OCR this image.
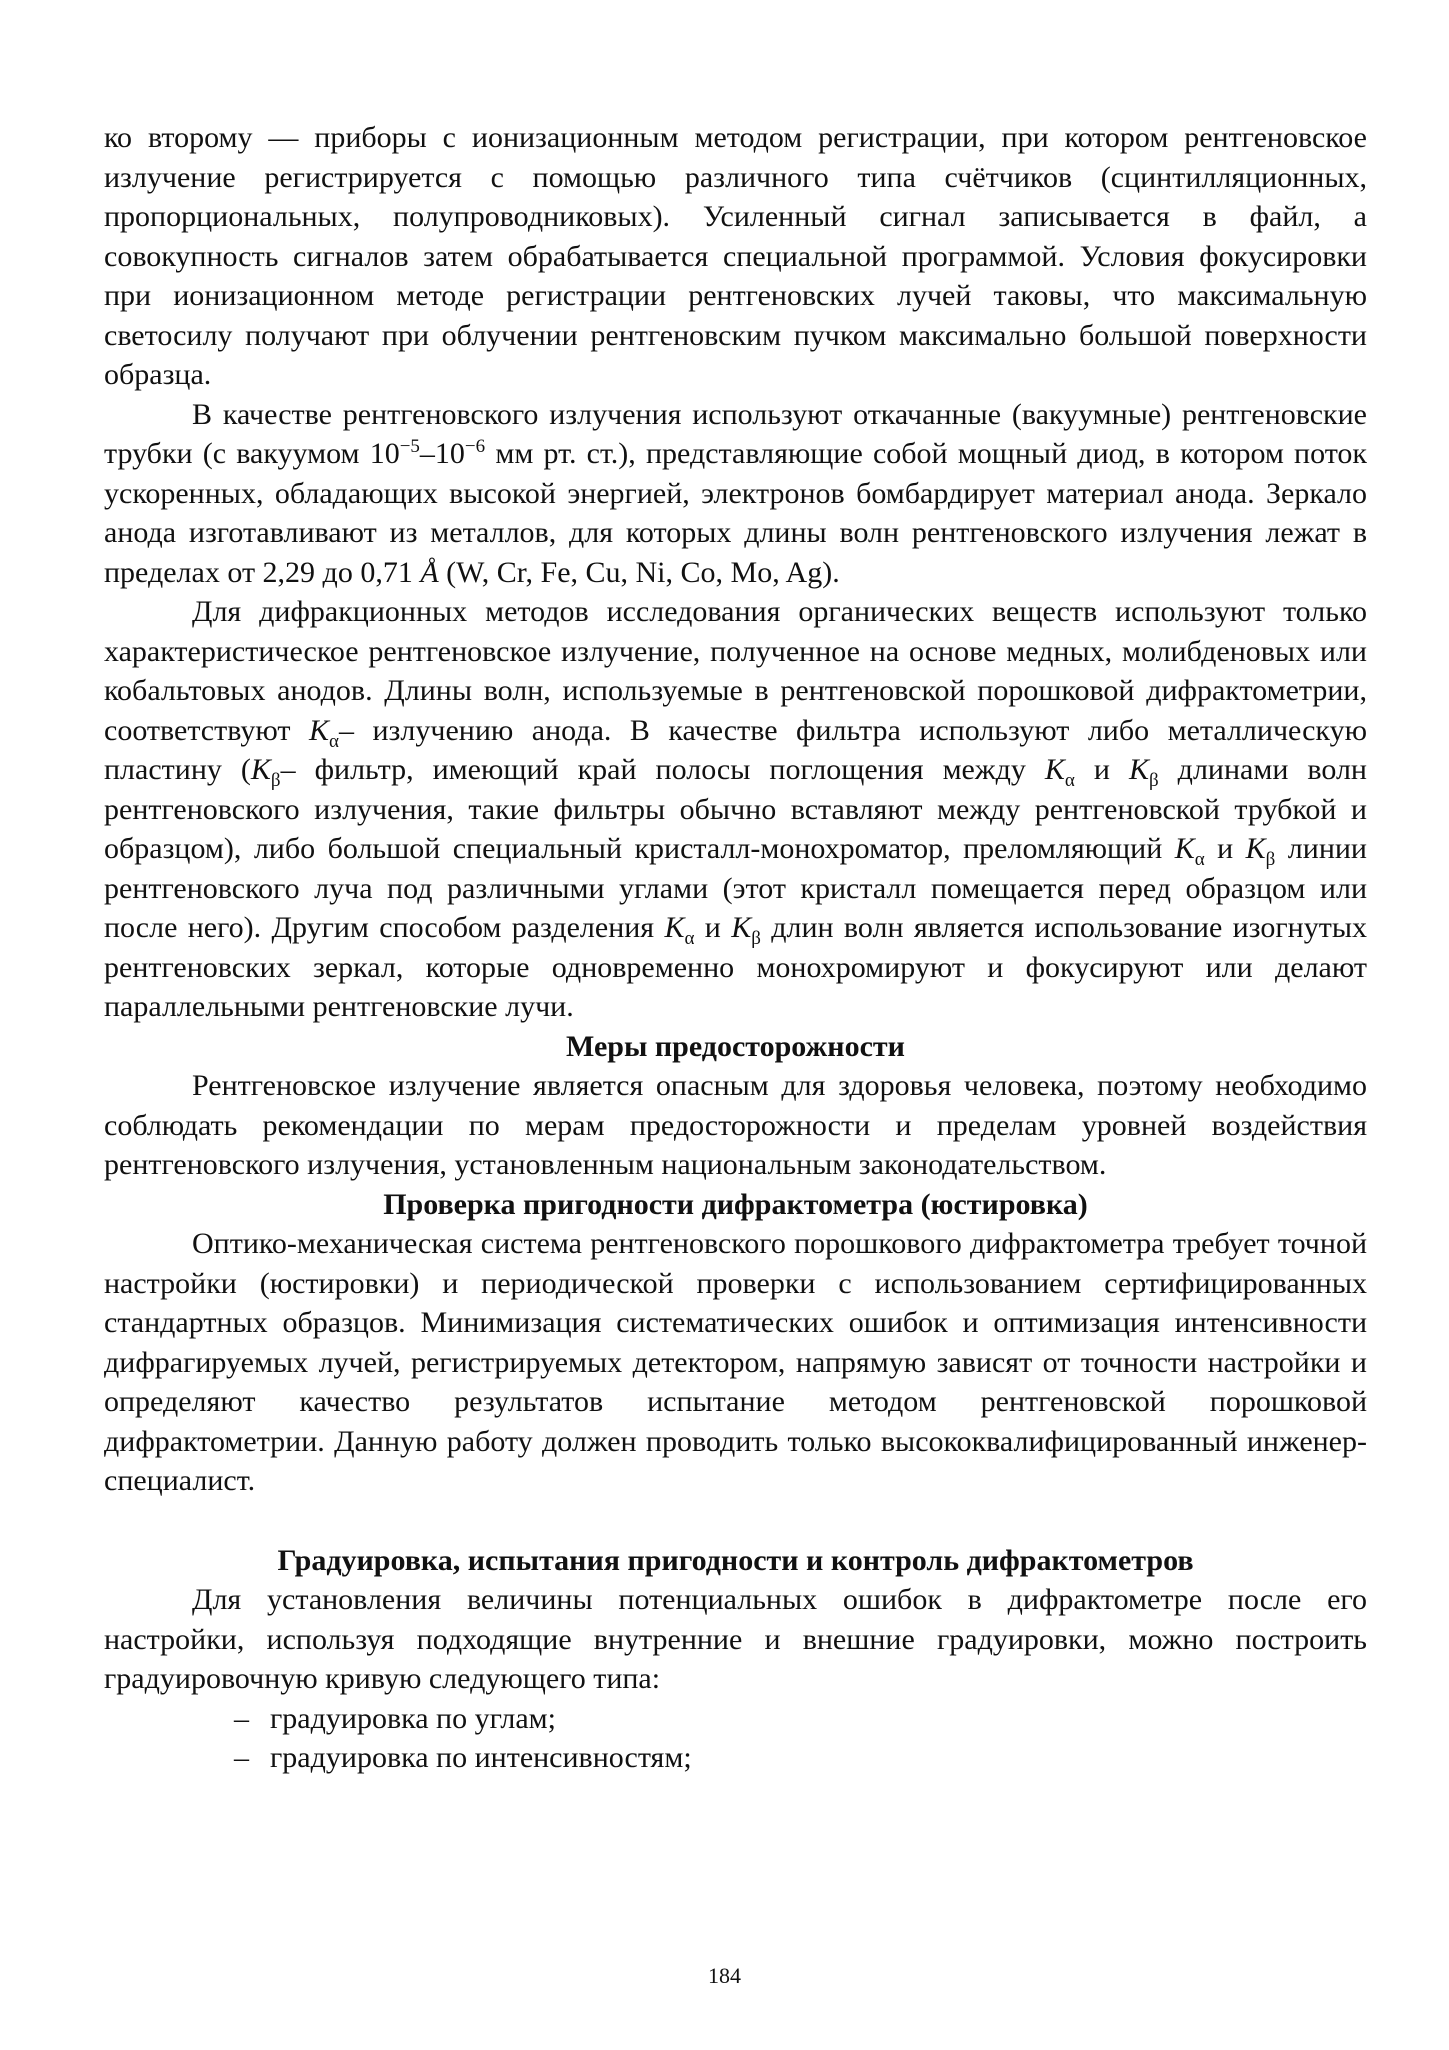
ко второму — приборы с ионизационным методом регистрации, при котором рентгеновское излучение регистрируется с помощью различного типа счётчиков (сцинтилляционных, пропорциональных, полупроводниковых). Усиленный сигнал записывается в файл, а совокупность сигналов затем обрабатывается специальной программой. Условия фокусировки при ионизационном методе регистрации рентгеновских лучей таковы, что максимальную светосилу получают при облучении рентгеновским пучком максимально большой поверхности образца.

В качестве рентгеновского излучения используют откачанные (вакуумные) рентгеновские трубки (с вакуумом $10^{-5}-10^{-6}$ мм рт. ст.), представляющие собой мощный диод, в котором поток ускоренных, обладающих высокой энергией, электронов бомбардирует материал анода. Зеркало анода изготавливают из металлов, для которых длины волн рентгеновского излучения лежат в пределах от 2,29 до 0,71 Å (W, Cr, Fe, Cu, Ni, Co, Mo, Ag).

Для дифракционных методов исследования органических веществ используют только характеристическое рентгеновское излучение, полученное на основе медных, молибденовых или кобальтовых анодов. Длины волн, используемые в рентгеновской порошковой дифрактометрии, соответствуют $K_\alpha-$ излучению анода. В качестве фильтра используют либо металлическую пластину ($K_\beta-$ фильтр, имеющий край полосы поглощения между $K_\alpha$ и $K_\beta$ длинами волн рентгеновского излучения, такие фильтры обычно вставляют между рентгеновской трубкой и образцом), либо большой специальный кристалл-монохроматор, преломляющий $K_\alpha$ и $K_\beta$ линии рентгеновского луча под различными углами (этот кристалл помещается перед образцом или после него). Другим способом разделения $K_\alpha$ и $K_\beta$ длин волн является использование изогнутых рентгеновских зеркал, которые одновременно монохромируют и фокусируют или делают параллельными рентгеновские лучи.

Меры предосторожности

Рентгеновское излучение является опасным для здоровья человека, поэтому необходимо соблюдать рекомендации по мерам предосторожности и пределам уровней воздействия рентгеновского излучения, установленным национальным законодательством.

Проверка пригодности дифрактометра (юстировка)

Оптико-механическая система рентгеновского порошкового дифрактометра требует точной настройки (юстировки) и периодической проверки с использованием сертифицированных стандартных образцов. Минимизация систематических ошибок и оптимизация интенсивности дифрагируемых лучей, регистрируемых детектором, напрямую зависят от точности настройки и определяют качество результатов испытание методом рентгеновской порошковой дифрактометрии. Данную работу должен проводить только высококвалифицированный инженер-специалист.

Градуировка, испытания пригодности и контроль дифрактометров

Для установления величины потенциальных ошибок в дифрактометре после его настройки, используя подходящие внутренние и внешние градуировки, можно построить градуировочную кривую следующего типа:

– градуировка по углам;
– градуировка по интенсивностям;
184
